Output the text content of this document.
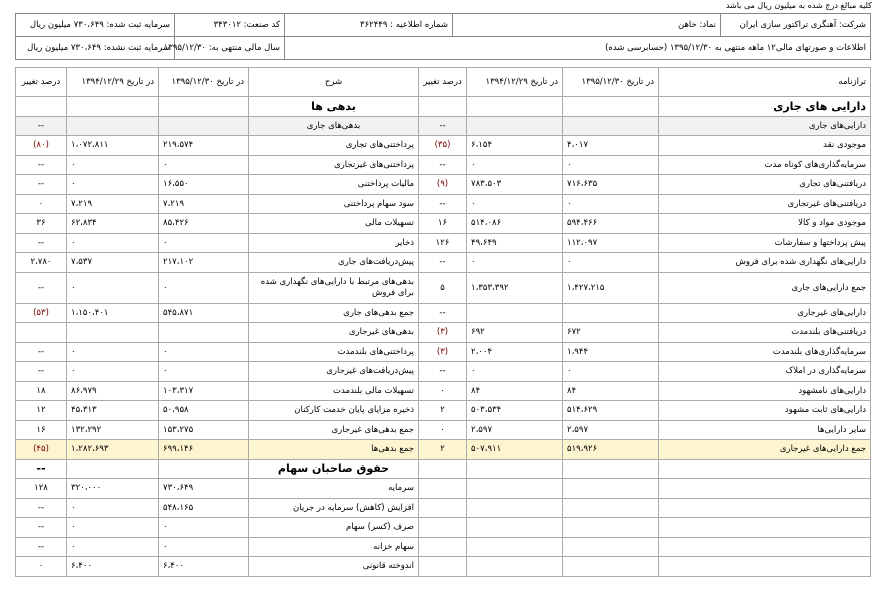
کلیه مبالغ درج شده به میلیون ریال می باشد
شرکت: آهنگری تراکتور سازی ایران	نماد: خاهن	شماره اطلاعیه : ۳۶۲۴۴۹	کد صنعت: ۳۴۳۰۱۲	سرمایه ثبت شده: ۷۳۰،۶۴۹ میلیون ریال
اطلاعات و صورتهای مالی۱۲ ماهه منتهی به ۱۳۹۵/۱۲/۳۰ (حسابرسی شده)			سال مالی منتهی به: ۱۳۹۵/۱۲/۳۰	سرمایه ثبت نشده: ۷۳۰،۶۴۹ میلیون ریال
ترازنامه	در تاریخ ۱۳۹۵/۱۲/۳۰	در تاریخ ۱۳۹۴/۱۲/۲۹	درصد تغییر	شرح	در تاریخ ۱۳۹۵/۱۲/۳۰	در تاریخ ۱۳۹۴/۱۲/۲۹	درصد تغییر
دارایی های جاری				بدهی ها			
دارایی‌های جاری			--	بدهی‌های جاری			--
موجودی نقد	۴،۰۱۷	۶،۱۵۴	(۳۵)	پرداختنی‌های تجاری	۲۱۹،۵۷۴	۱،۰۷۲،۸۱۱	(۸۰)
سرمایه‌گذاری‌های کوتاه مدت	۰	۰	--	پرداختنی‌های غیرتجاری	۰	۰	--
دریافتنی‌های تجاری	۷۱۶،۶۳۵	۷۸۳،۵۰۳	(۹)	مالیات پرداختنی	۱۶،۵۵۰	۰	--
دریافتنی‌های غیرتجاری	۰	۰	--	سود سهام پرداختنی	۷،۲۱۹	۷،۲۱۹	۰
موجودی مواد و کالا	۵۹۴،۴۶۶	۵۱۴،۰۸۶	۱۶	تسهیلات مالی	۸۵،۴۲۶	۶۲،۸۳۴	۳۶
پیش پرداختها و سفارشات	۱۱۲،۰۹۷	۴۹،۶۴۹	۱۲۶	ذخایر	۰	۰	--
دارایی‌های نگهداری شده برای فروش	۰	۰	--	پیش‌دریافت‌های جاری	۲۱۷،۱۰۲	۷،۵۳۷	۲،۷۸۰
جمع دارایی‌های جاری	۱،۴۲۷،۲۱۵	۱،۳۵۳،۳۹۲	۵	بدهی‌های مرتبط با دارایی‌های نگهداری شده برای فروش	۰	۰	--
دارایی‌های غیرجاری			--	جمع بدهی‌های جاری	۵۴۵،۸۷۱	۱،۱۵۰،۴۰۱	(۵۳)
دریافتنی‌های بلندمدت	۶۷۲	۶۹۲	(۳)	بدهی‌های غیرجاری			
سرمایه‌گذاری‌های بلندمدت	۱،۹۴۴	۲،۰۰۴	(۳)	پرداختنی‌های بلندمدت	۰	۰	--
سرمایه‌گذاری در املاک	۰	۰	--	پیش‌دریافت‌های غیرجاری	۰	۰	--
دارایی‌های نامشهود	۸۴	۸۴	۰	تسهیلات مالی بلندمدت	۱۰۳،۳۱۷	۸۶،۹۷۹	۱۸
دارایی‌های ثابت مشهود	۵۱۴،۶۲۹	۵۰۳،۵۳۴	۲	ذخیره مزایای پایان خدمت کارکنان	۵۰،۹۵۸	۴۵،۳۱۳	۱۲
سایر دارایی‌ها	۲،۵۹۷	۲،۵۹۷	۰	جمع بدهی‌های غیرجاری	۱۵۳،۲۷۵	۱۳۲،۲۹۲	۱۶
جمع دارایی‌های غیرجاری	۵۱۹،۹۲۶	۵۰۷،۹۱۱	۲	جمع بدهی‌ها	۶۹۹،۱۴۶	۱،۲۸۲،۶۹۳	(۴۵)
				حقوق صاحبان سهام			--
				سرمایه	۷۳۰،۶۴۹	۳۲۰،۰۰۰	۱۲۸
				افزایش (کاهش) سرمایه در جریان	۵۴۸،۱۶۵	۰	--
				صرف (کسر) سهام	۰	۰	--
				سهام خزانه	۰	۰	--
				اندوخته قانونی	۶،۴۰۰	۶،۴۰۰	۰
